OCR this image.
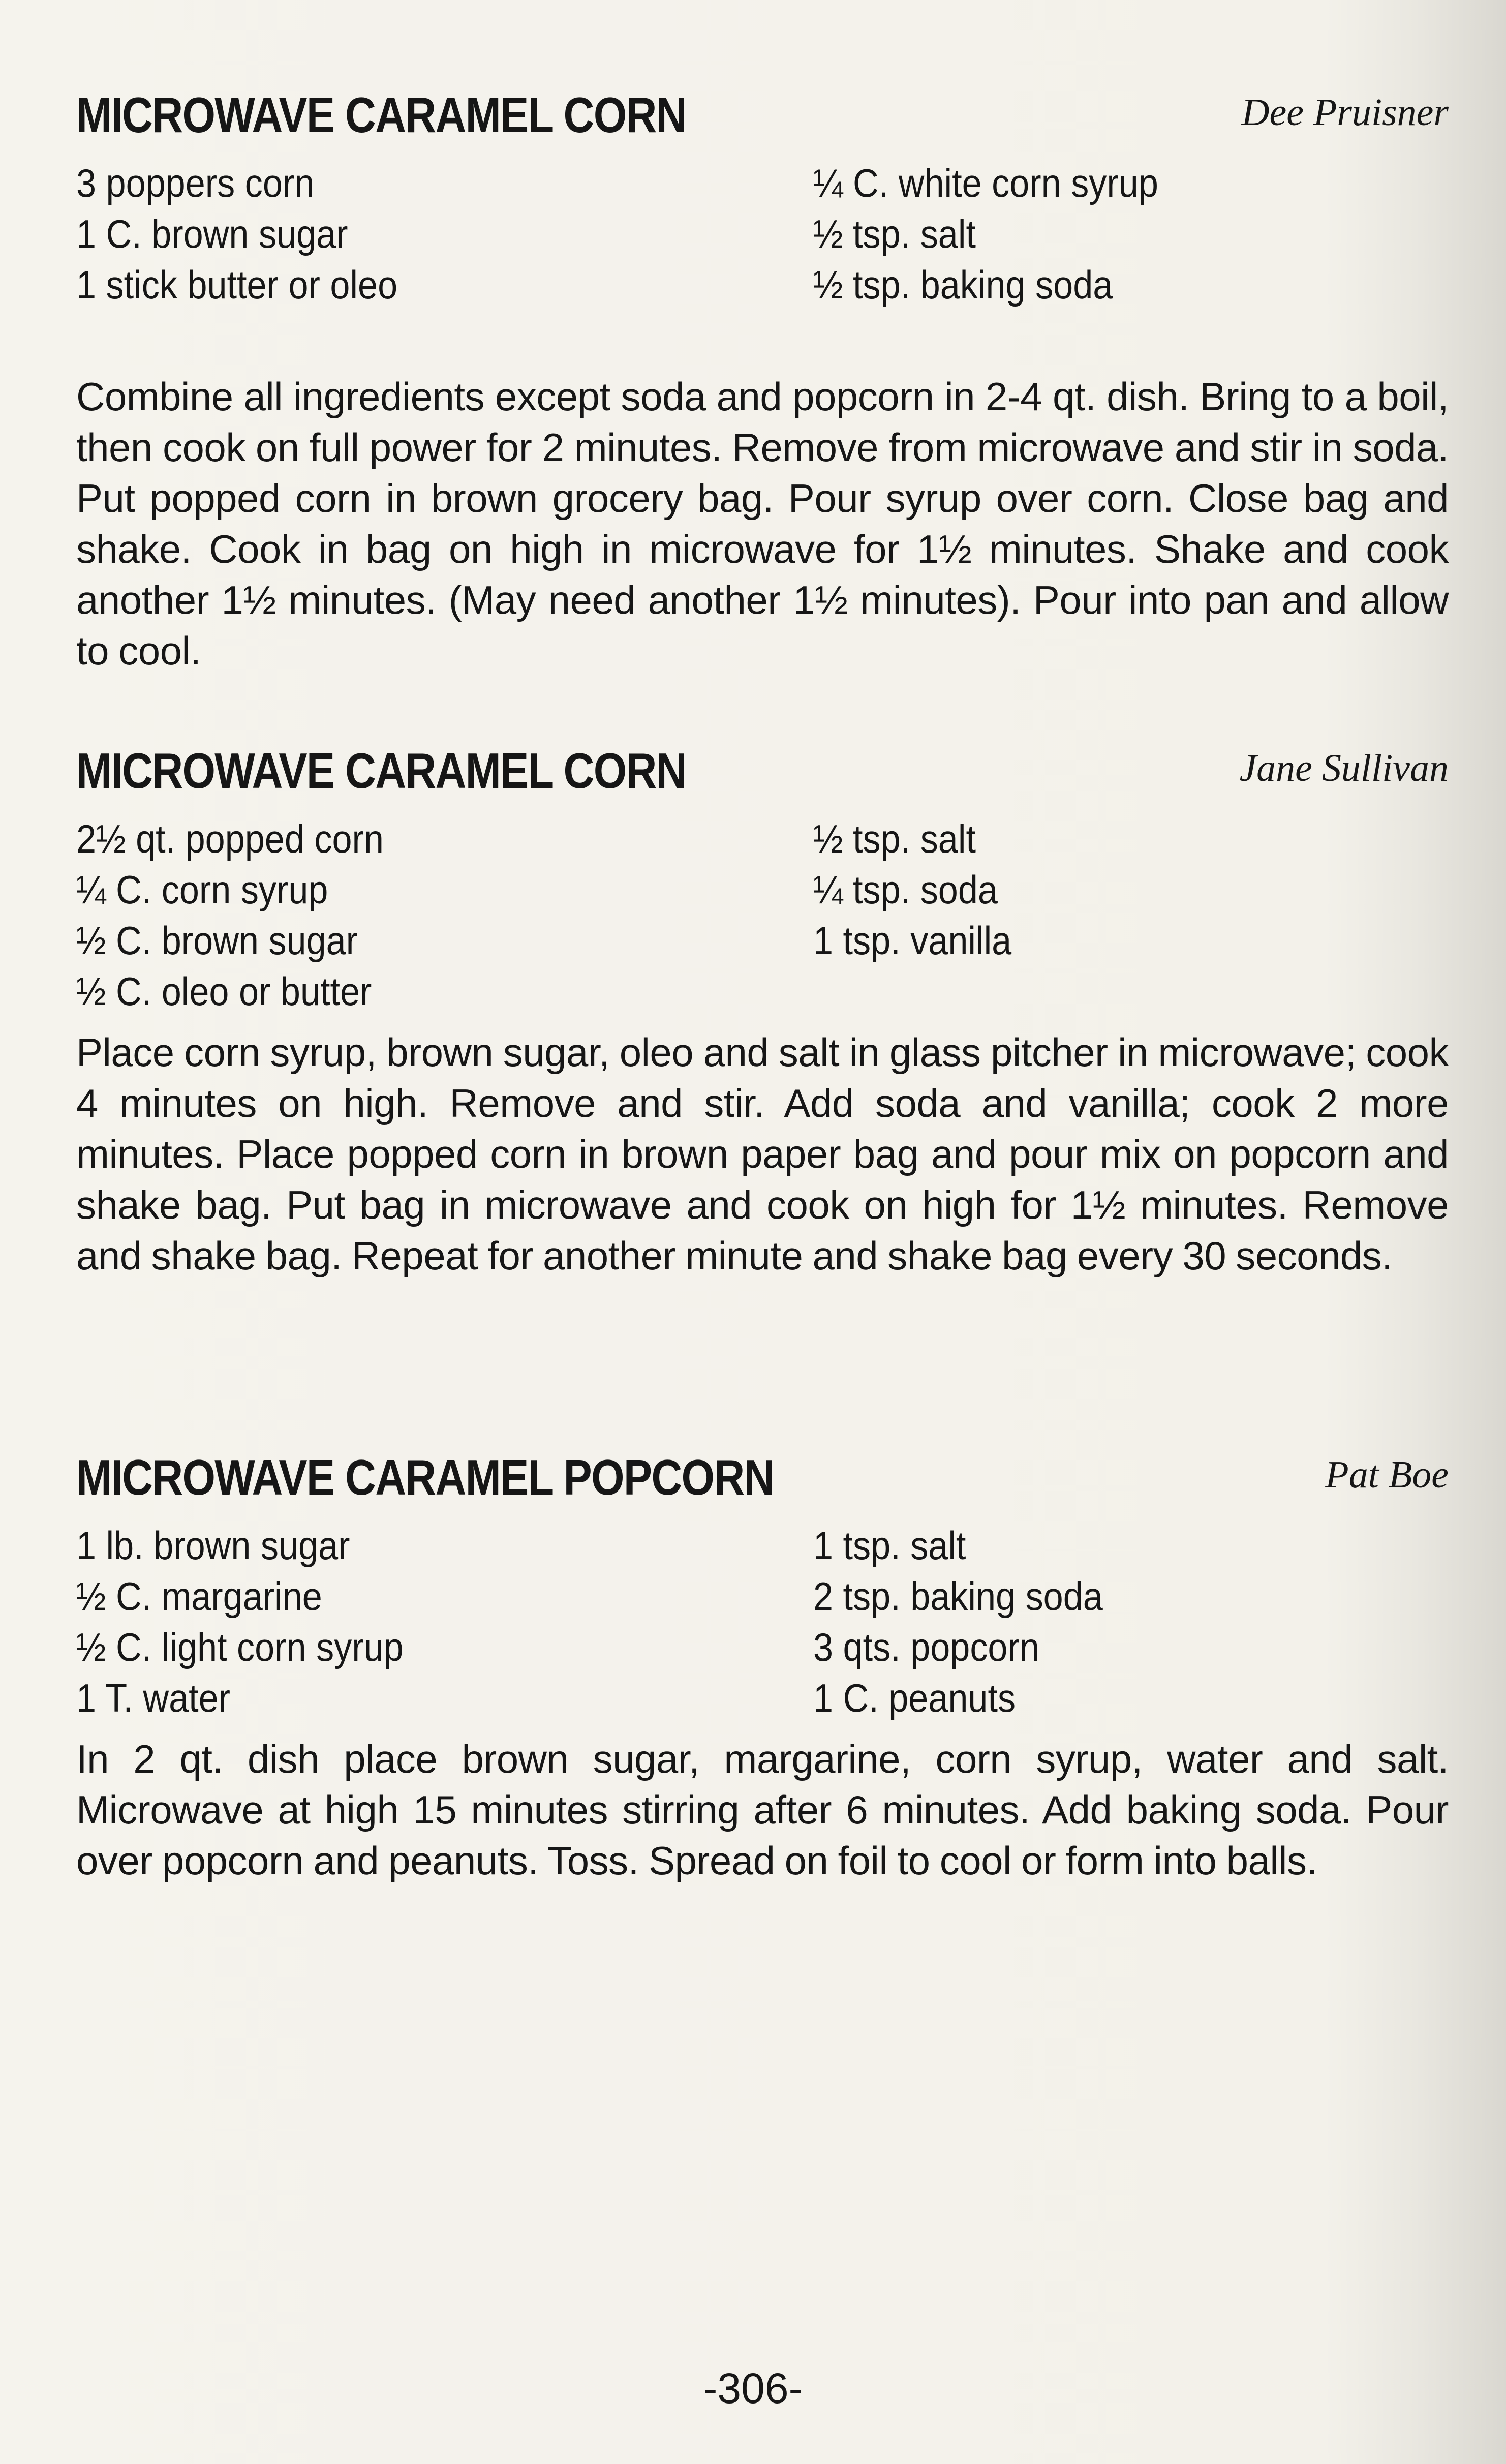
MICROWAVE CARAMEL CORN	Dee Pruisner
3 poppers corn
1 C. brown sugar
1 stick butter or oleo
¼ C. white corn syrup
½ tsp. salt
½ tsp. baking soda

Combine all ingredients except soda and popcorn in 2-4 qt. dish. Bring to a boil, then cook on full power for 2 minutes. Remove from microwave and stir in soda. Put popped corn in brown grocery bag. Pour syrup over corn. Close bag and shake. Cook in bag on high in microwave for 1½ minutes. Shake and cook another 1½ minutes. (May need another 1½ minutes). Pour into pan and allow to cool.

MICROWAVE CARAMEL CORN	Jane Sullivan
2½ qt. popped corn
¼ C. corn syrup
½ C. brown sugar
½ C. oleo or butter
½ tsp. salt
¼ tsp. soda
1 tsp. vanilla

Place corn syrup, brown sugar, oleo and salt in glass pitcher in microwave; cook 4 minutes on high. Remove and stir. Add soda and vanilla; cook 2 more minutes. Place popped corn in brown paper bag and pour mix on popcorn and shake bag. Put bag in microwave and cook on high for 1½ minutes. Remove and shake bag. Repeat for another minute and shake bag every 30 seconds.

MICROWAVE CARAMEL POPCORN	Pat Boe
1 lb. brown sugar
½ C. margarine
½ C. light corn syrup
1 T. water
1 tsp. salt
2 tsp. baking soda
3 qts. popcorn
1 C. peanuts

In 2 qt. dish place brown sugar, margarine, corn syrup, water and salt. Microwave at high 15 minutes stirring after 6 minutes. Add baking soda. Pour over popcorn and peanuts. Toss. Spread on foil to cool or form into balls.

-306-
